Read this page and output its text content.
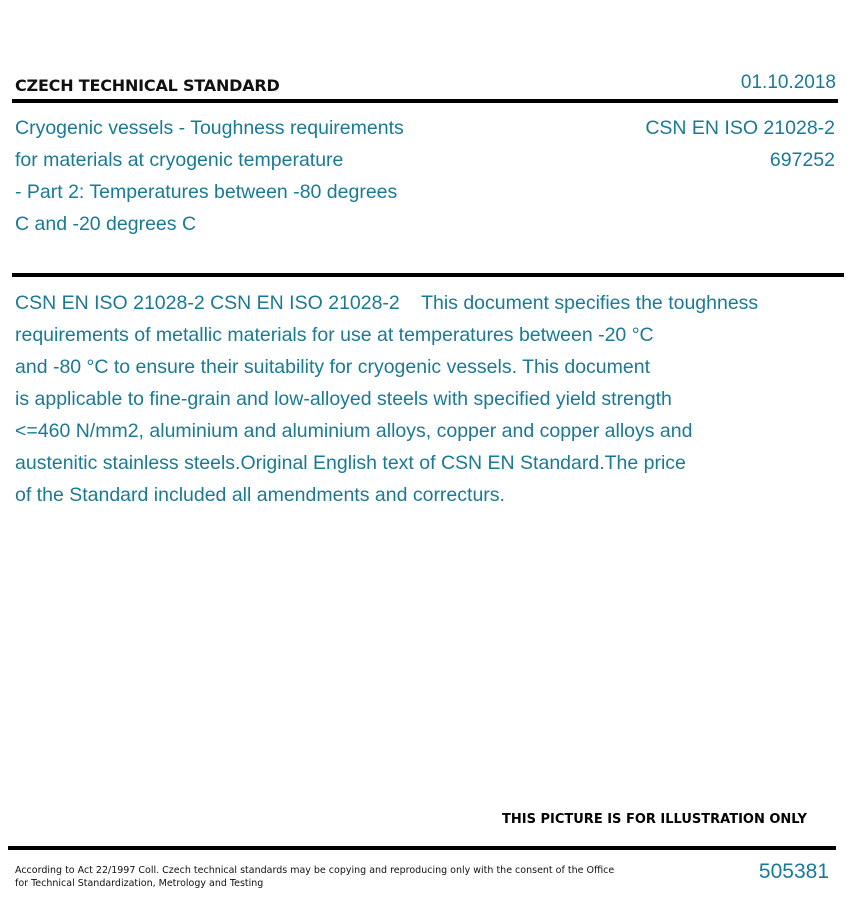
CZECH TECHNICAL STANDARD	01.10.2018
Cryogenic vessels - Toughness requirements
for materials at cryogenic temperature
- Part 2: Temperatures between -80 degrees
C and -20 degrees C
CSN EN ISO 21028-2
697252
CSN EN ISO 21028-2 CSN EN ISO 21028-2    This document specifies the toughness
requirements of metallic materials for use at temperatures between -20 °C
and -80 °C to ensure their suitability for cryogenic vessels. This document
is applicable to fine-grain and low-alloyed steels with specified yield strength
<=460 N/mm2, aluminium and aluminium alloys, copper and copper alloys and
austenitic stainless steels.Original English text of CSN EN Standard.The price
of the Standard included all amendments and correcturs.
THIS PICTURE IS FOR ILLUSTRATION ONLY
According to Act 22/1997 Coll. Czech technical standards may be copying and reproducing only with the consent of the Office
for Technical Standardization, Metrology and Testing
505381
